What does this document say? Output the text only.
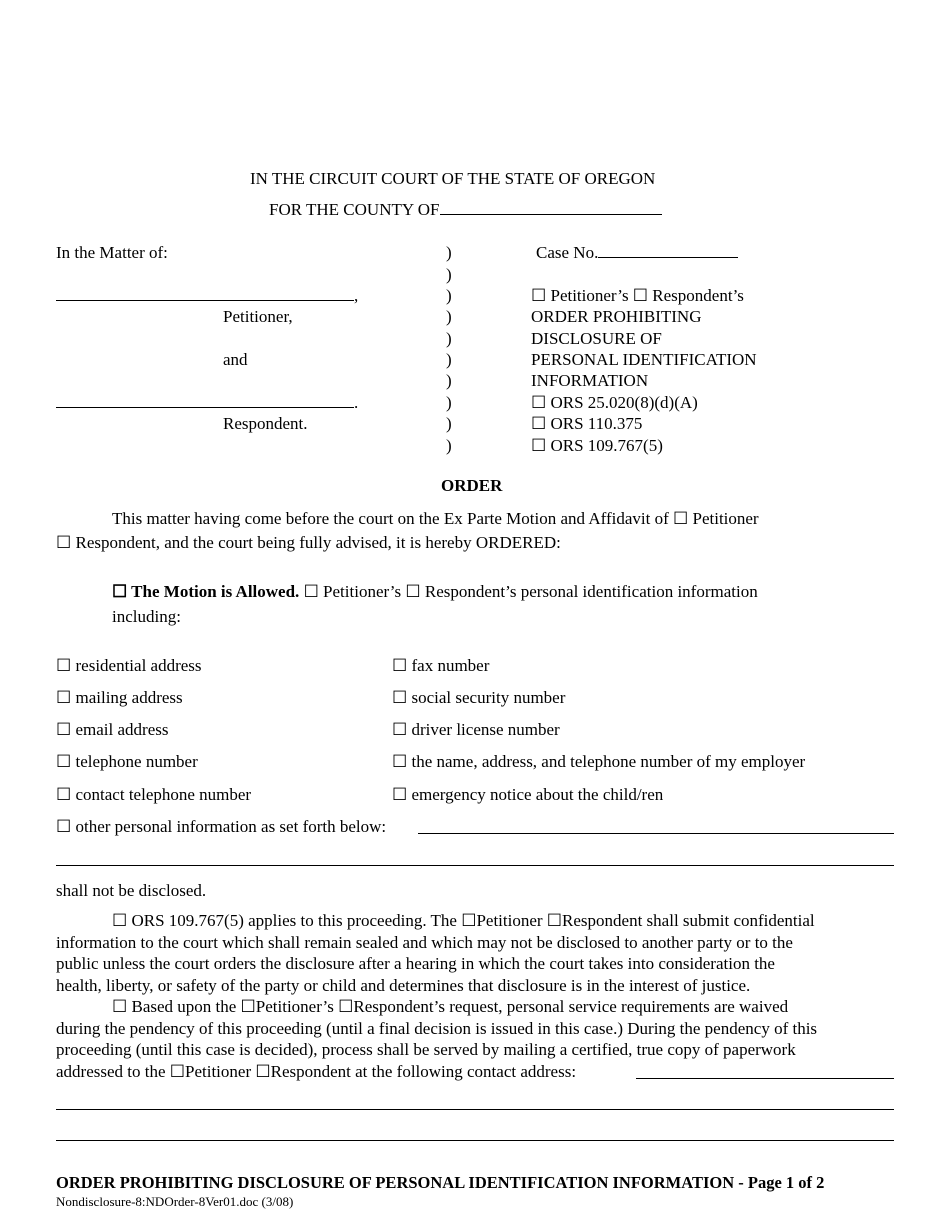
IN THE CIRCUIT COURT OF THE STATE OF OREGON
FOR THE COUNTY OF
In the Matter of:
,
Petitioner,
and
.
Respondent.
)
)
)
)
)
)
)
)
)
)
Case No.
☐ Petitioner’s ☐ Respondent’s
ORDER PROHIBITING
DISCLOSURE OF
PERSONAL IDENTIFICATION
INFORMATION
☐ ORS 25.020(8)(d)(A)
☐ ORS 110.375
☐ ORS 109.767(5)
ORDER
This matter having come before the court on the Ex Parte Motion and Affidavit of ☐ Petitioner
☐ Respondent, and the court being fully advised, it is hereby ORDERED:
☐ The Motion is Allowed. ☐ Petitioner’s ☐ Respondent’s personal identification information
including:
☐ residential address
☐ mailing address
☐ email address
☐ telephone number
☐ contact telephone number
☐ fax number
☐ social security number
☐ driver license number
☐ the name, address, and telephone number of my employer
☐ emergency notice about the child/ren
☐ other personal information as set forth below:
shall not be disclosed.
☐ ORS 109.767(5) applies to this proceeding. The ☐Petitioner ☐Respondent shall submit confidential
information to the court which shall remain sealed and which may not be disclosed to another party or to the
public unless the court orders the disclosure after a hearing in which the court takes into consideration the
health, liberty, or safety of the party or child and determines that disclosure is in the interest of justice.
☐ Based upon the ☐Petitioner’s ☐Respondent’s request, personal service requirements are waived
during the pendency of this proceeding (until a final decision is issued in this case.) During the pendency of this
proceeding (until this case is decided), process shall be served by mailing a certified, true copy of paperwork
addressed to the ☐Petitioner ☐Respondent at the following contact address:
ORDER PROHIBITING DISCLOSURE OF PERSONAL IDENTIFICATION INFORMATION - Page 1 of 2
Nondisclosure-8:NDOrder-8Ver01.doc (3/08)
